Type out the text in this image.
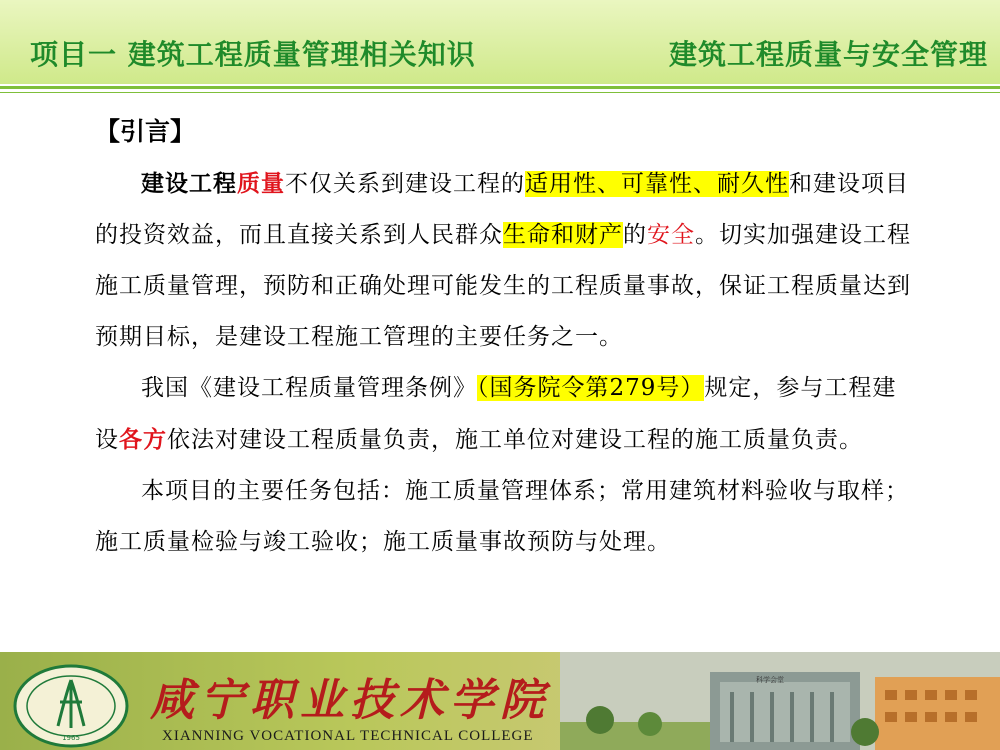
项目一 建筑工程质量管理相关知识	建筑工程质量与安全管理
【引言】

建设工程质量不仅关系到建设工程的适用性、可靠性、耐久性和建设项目的投资效益，而且直接关系到人民群众生命和财产的安全。切实加强建设工程施工质量管理，预防和正确处理可能发生的工程质量事故，保证工程质量达到预期目标，是建设工程施工管理的主要任务之一。

我国《建设工程质量管理条例》（国务院令第279号）规定，参与工程建设各方依法对建设工程质量负责，施工单位对建设工程的施工质量负责。

本项目的主要任务包括：施工质量管理体系；常用建筑材料验收与取样；施工质量检验与竣工验收；施工质量事故预防与处理。

1965
咸宁职业技术学院
XIANNING VOCATIONAL TECHNICAL COLLEGE
科学会堂
